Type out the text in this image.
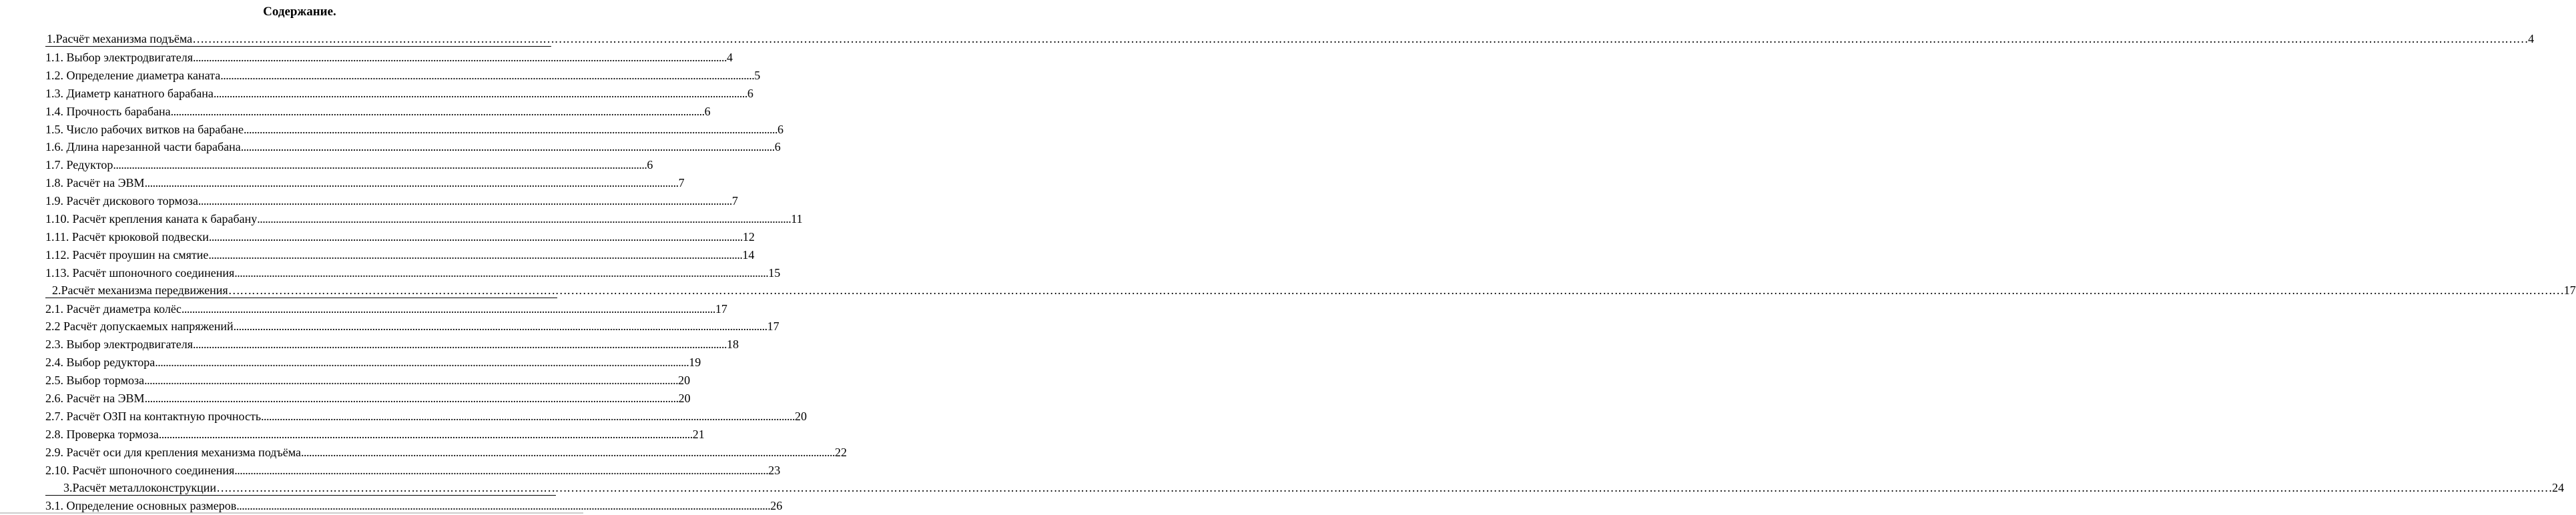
Содержание.
1.Расчёт механизма подъёма …………………………………………………………………………………………………………………………………………………………………………………………………………………………………………………………………………………………………………………………………………………………………………………………………………………………………………………………………………………………………………………………………………………… 4
1.1. Выбор электродвигателя ........................................................................................................................................................................................................ 4
1.2. Определение диаметра каната ........................................................................................................................................................................................................ 5
1.3. Диаметр канатного барабана ........................................................................................................................................................................................................ 6
1.4. Прочность барабана ........................................................................................................................................................................................................ 6
1.5. Число рабочих витков на барабане ........................................................................................................................................................................................................ 6
1.6. Длина нарезанной части барабана ........................................................................................................................................................................................................ 6
1.7. Редуктор ........................................................................................................................................................................................................ 6
1.8. Расчёт на ЭВМ ........................................................................................................................................................................................................ 7
1.9. Расчёт дискового тормоза ........................................................................................................................................................................................................ 7
1.10. Расчёт крепления каната к барабану ........................................................................................................................................................................................................ 11
1.11. Расчёт крюковой подвески ........................................................................................................................................................................................................ 12
1.12. Расчёт проушин на смятие ........................................................................................................................................................................................................ 14
1.13. Расчёт шпоночного соединения ........................................................................................................................................................................................................ 15
2.Расчёт механизма передвижения …………………………………………………………………………………………………………………………………………………………………………………………………………………………………………………………………………………………………………………………………………………………………………………………………………………………………………………………………………………………………………………………………………………… 17
2.1. Расчёт диаметра колёс ........................................................................................................................................................................................................ 17
2.2 Расчёт допускаемых напряжений ........................................................................................................................................................................................................ 17
2.3. Выбор электродвигателя ........................................................................................................................................................................................................ 18
2.4. Выбор редуктора ........................................................................................................................................................................................................ 19
2.5. Выбор тормоза ........................................................................................................................................................................................................ 20
2.6. Расчёт на ЭВМ ........................................................................................................................................................................................................ 20
2.7. Расчёт ОЗП на контактную прочность ........................................................................................................................................................................................................ 20
2.8. Проверка тормоза ........................................................................................................................................................................................................ 21
2.9. Расчёт оси для крепления механизма подъёма ........................................................................................................................................................................................................ 22
2.10. Расчёт шпоночного соединения ........................................................................................................................................................................................................ 23
3.Расчёт металлоконструкции …………………………………………………………………………………………………………………………………………………………………………………………………………………………………………………………………………………………………………………………………………………………………………………………………………………………………………………………………………………………………………………………………………………… 24
3.1. Определение основных размеров ........................................................................................................................................................................................................ 26
